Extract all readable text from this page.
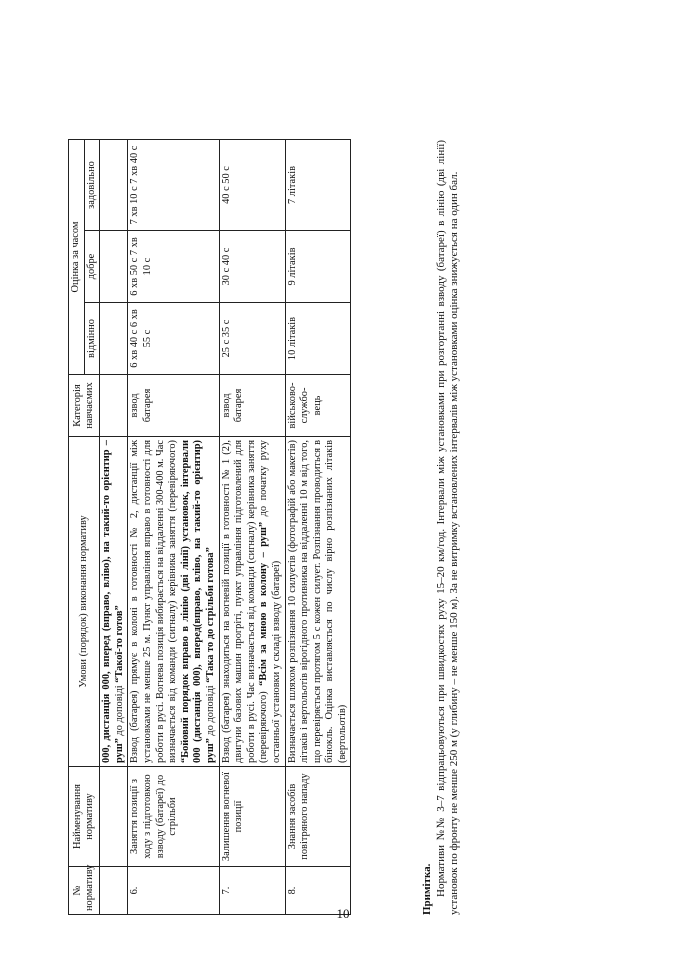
№ нормативу	Найменування нормативу	Умови (порядок) виконання нормативу	Категорія навчаємих	Оцінка за часом		
				відмінно	добре	задовільно
		000, дистанція 000, вперед (вправо, вліво), на такий-то орієнтир – руш” до доповіді “Такої-то готов”				
6.	Заняття позиції з ходу з підготовкою взводу (батареї) до стрільби	Взвод (батарея) прямує в колоні в готовності № 2, дистанції між установками не менше 25 м. Пункт управління вправо в готовності для роботи в русі. Вогнева позиція вибирається на віддаленні 300-400 м. Час визначається від команди (сигналу) керівника заняття (перевіряючого) “Бойовий порядок вправо в лінію (дві лінії) установок, інтервали 000 (дистанція 000), вперед(вправо, вліво, на такий-то орієнтир) руш” до доповіді “Така то до стрільби готова”	взвод батарея	6 хв 40 с 6 хв 55 с	6 хв 50 с 7 хв 10 с	7 хв 10 с 7 хв 40 с
7.	Залишення вогневої позиції	Взвод (батарея) знаходиться на вогневій позиції в готовності № 1 (2), двигуни базових машин прогріті, пункт управління підготовлений для роботи в русі. Час визначається від команди (сигналу) керівника заняття (перевіряючого) “Всім за мною в колону – руш” до початку руху останньої установки у складі взводу (батареї)	взвод батарея	25 с 35 с	30 с 40 с	40 с 50 с
8.	Знання засобів повітряного нападу	Визначається шляхом розпізнання 10 силуетів (фотографій або макетів) літаків і вертольотів вірогідного противника на віддаленні 10 м від того, що перевіряється протягом 5 с кожен силует. Розпізнання проводиться в бінокль. Оцінка виставляється по числу вірно розпізнаних літаків (вертольотів)	військово-службо-вець	10 літаків	9 літаків	7 літаків
Примітка. Нормативи №№ 3–7 відпрацьовуються при швидкостях руху 15–20 км/год. Інтервали між установками при розгортанні взводу (батареї) в лінію (дві лінії) установок по фронту не менше 250 м (у глибину – не менше 150 м). За не витримку встановлених інтервалів між установками оцінка знижується на один бал.

10
